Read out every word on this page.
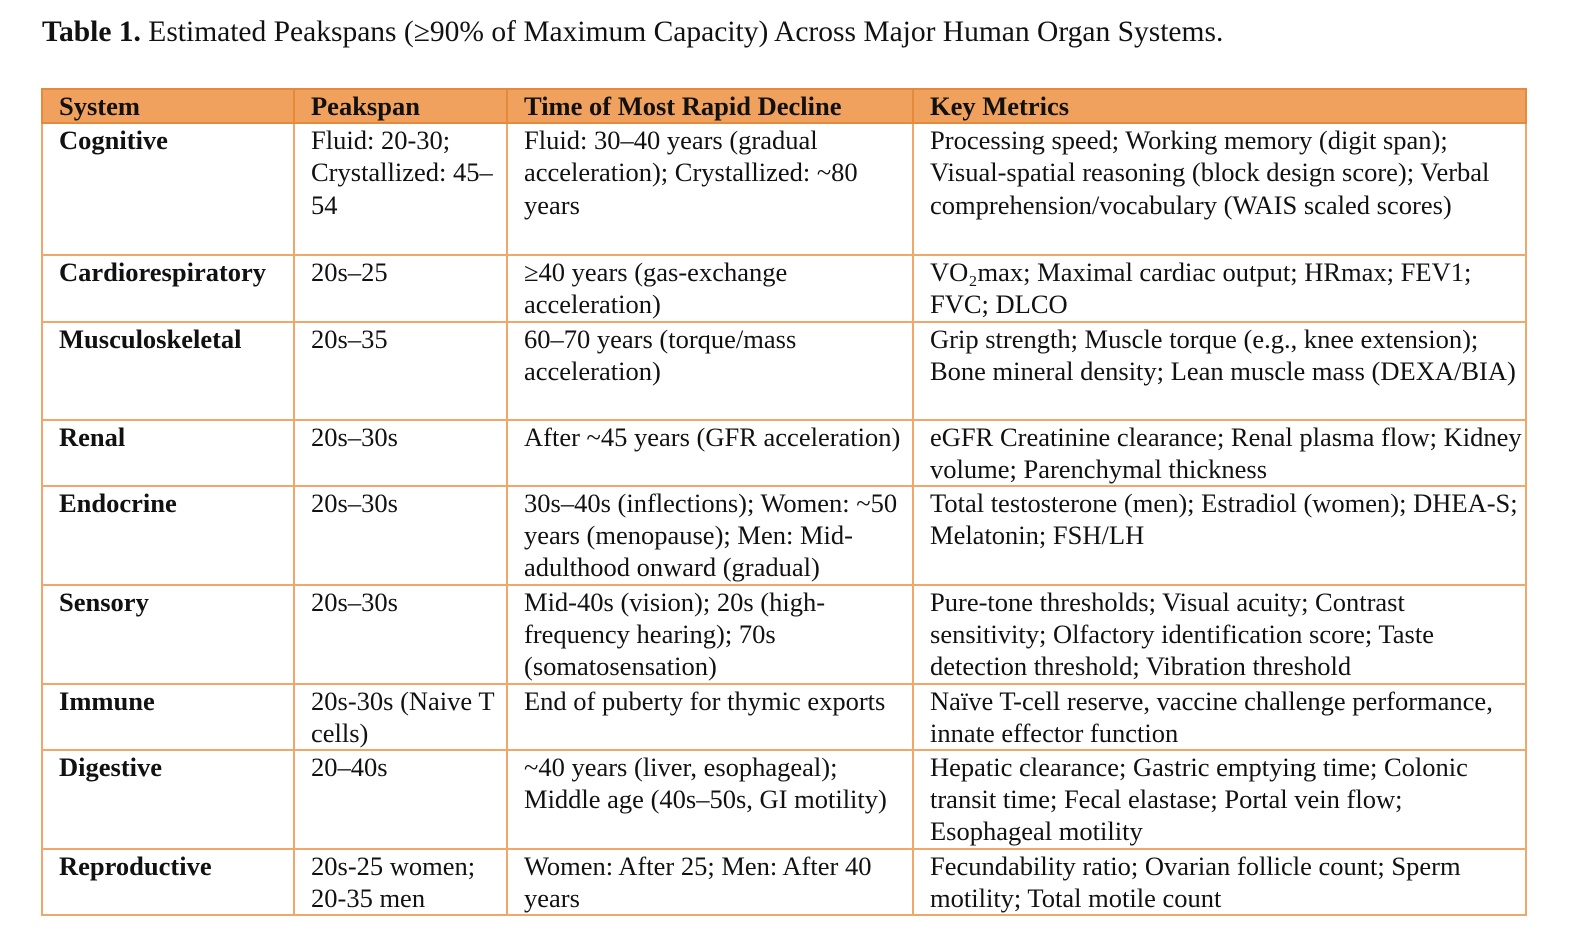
Table 1. Estimated Peakspans (≥90% of Maximum Capacity) Across Major Human Organ Systems.
System	Peakspan	Time of Most Rapid Decline	Key Metrics
Cognitive	Fluid: 20-30; Crystallized: 45–54	Fluid: 30–40 years (gradual acceleration); Crystallized: ~80 years	Processing speed; Working memory (digit span); Visual-spatial reasoning (block design score); Verbal comprehension/vocabulary (WAIS scaled scores)
Cardiorespiratory	20s–25	≥40 years (gas-exchange acceleration)	VO₂max; Maximal cardiac output; HRmax; FEV1; FVC; DLCO
Musculoskeletal	20s–35	60–70 years (torque/mass acceleration)	Grip strength; Muscle torque (e.g., knee extension); Bone mineral density; Lean muscle mass (DEXA/BIA)
Renal	20s–30s	After ~45 years (GFR acceleration)	eGFR Creatinine clearance; Renal plasma flow; Kidney volume; Parenchymal thickness
Endocrine	20s–30s	30s–40s (inflections); Women: ~50 years (menopause); Men: Mid-adulthood onward (gradual)	Total testosterone (men); Estradiol (women); DHEA-S; Melatonin; FSH/LH
Sensory	20s–30s	Mid-40s (vision); 20s (high-frequency hearing); 70s (somatosensation)	Pure-tone thresholds; Visual acuity; Contrast sensitivity; Olfactory identification score; Taste detection threshold; Vibration threshold
Immune	20s-30s (Naive T cells)	End of puberty for thymic exports	Naïve T-cell reserve, vaccine challenge performance, innate effector function
Digestive	20–40s	~40 years (liver, esophageal); Middle age (40s–50s, GI motility)	Hepatic clearance; Gastric emptying time; Colonic transit time; Fecal elastase; Portal vein flow; Esophageal motility
Reproductive	20s-25 women; 20-35 men	Women: After 25; Men: After 40 years	Fecundability ratio; Ovarian follicle count; Sperm motility; Total motile count
